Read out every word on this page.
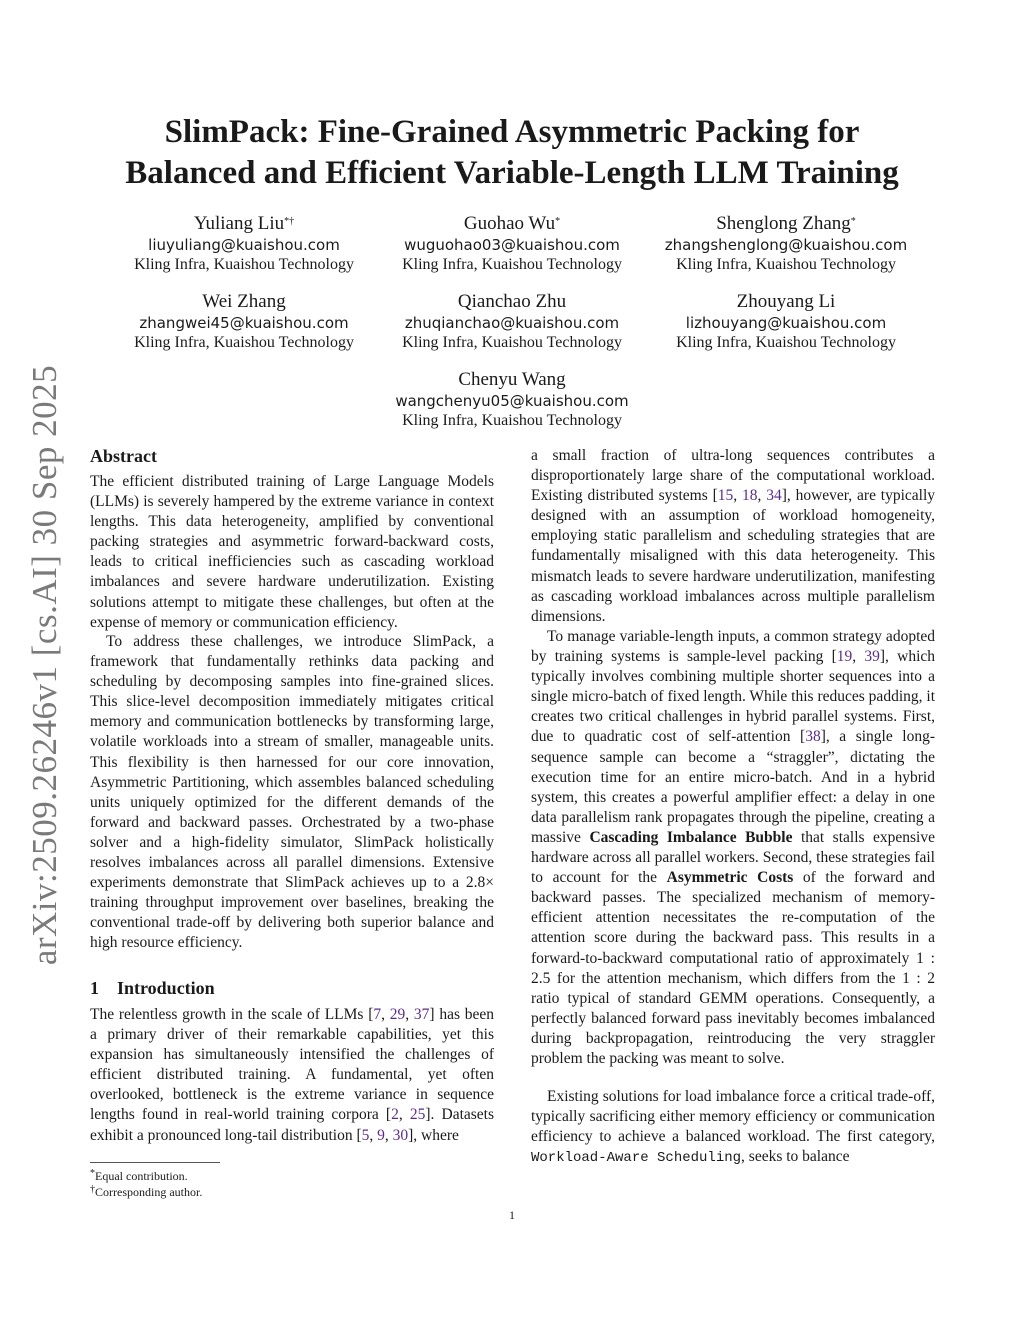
arXiv:2509.26246v1 [cs.AI] 30 Sep 2025
SlimPack: Fine-Grained Asymmetric Packing for
Balanced and Efficient Variable-Length LLM Training
Yuliang Liu*†
liuyuliang@kuaishou.com
Kling Infra, Kuaishou Technology
Guohao Wu*
wuguohao03@kuaishou.com
Kling Infra, Kuaishou Technology
Shenglong Zhang*
zhangshenglong@kuaishou.com
Kling Infra, Kuaishou Technology
Wei Zhang
zhangwei45@kuaishou.com
Kling Infra, Kuaishou Technology
Qianchao Zhu
zhuqianchao@kuaishou.com
Kling Infra, Kuaishou Technology
Zhouyang Li
lizhouyang@kuaishou.com
Kling Infra, Kuaishou Technology
Chenyu Wang
wangchenyu05@kuaishou.com
Kling Infra, Kuaishou Technology
Abstract
The efficient distributed training of Large Language Models (LLMs) is severely hampered by the extreme variance in context lengths. This data heterogeneity, amplified by conventional packing strategies and asymmetric forward-backward costs, leads to critical inefficiencies such as cascading workload imbalances and severe hardware underutilization. Existing solutions attempt to mitigate these challenges, but often at the expense of memory or communication efficiency.
To address these challenges, we introduce SlimPack, a framework that fundamentally rethinks data packing and scheduling by decomposing samples into fine-grained slices. This slice-level decomposition immediately mitigates critical memory and communication bottlenecks by transforming large, volatile workloads into a stream of smaller, manageable units. This flexibility is then harnessed for our core innovation, Asymmetric Partitioning, which assembles balanced scheduling units uniquely optimized for the different demands of the forward and backward passes. Orchestrated by a two-phase solver and a high-fidelity simulator, SlimPack holistically resolves imbalances across all parallel dimensions. Extensive experiments demonstrate that SlimPack achieves up to a 2.8× training throughput improvement over baselines, breaking the conventional trade-off by delivering both superior balance and high resource efficiency.
1 Introduction
The relentless growth in the scale of LLMs [7, 29, 37] has been a primary driver of their remarkable capabilities, yet this expansion has simultaneously intensified the challenges of efficient distributed training. A fundamental, yet often overlooked, bottleneck is the extreme variance in sequence lengths found in real-world training corpora [2, 25]. Datasets exhibit a pronounced long-tail distribution [5, 9, 30], where
a small fraction of ultra-long sequences contributes a disproportionately large share of the computational workload. Existing distributed systems [15, 18, 34], however, are typically designed with an assumption of workload homogeneity, employing static parallelism and scheduling strategies that are fundamentally misaligned with this data heterogeneity. This mismatch leads to severe hardware underutilization, manifesting as cascading workload imbalances across multiple parallelism dimensions.
To manage variable-length inputs, a common strategy adopted by training systems is sample-level packing [19, 39], which typically involves combining multiple shorter sequences into a single micro-batch of fixed length. While this reduces padding, it creates two critical challenges in hybrid parallel systems. First, due to quadratic cost of self-attention [38], a single long-sequence sample can become a “straggler”, dictating the execution time for an entire micro-batch. And in a hybrid system, this creates a powerful amplifier effect: a delay in one data parallelism rank propagates through the pipeline, creating a massive Cascading Imbalance Bubble that stalls expensive hardware across all parallel workers. Second, these strategies fail to account for the Asymmetric Costs of the forward and backward passes. The specialized mechanism of memory-efficient attention necessitates the re-computation of the attention score during the backward pass. This results in a forward-to-backward computational ratio of approximately 1 : 2.5 for the attention mechanism, which differs from the 1 : 2 ratio typical of standard GEMM operations. Consequently, a perfectly balanced forward pass inevitably becomes imbalanced during backpropagation, reintroducing the very straggler problem the packing was meant to solve.
Existing solutions for load imbalance force a critical trade-off, typically sacrificing either memory efficiency or communication efficiency to achieve a balanced workload. The first category, Workload-Aware Scheduling, seeks to balance
*Equal contribution.
†Corresponding author.
1
